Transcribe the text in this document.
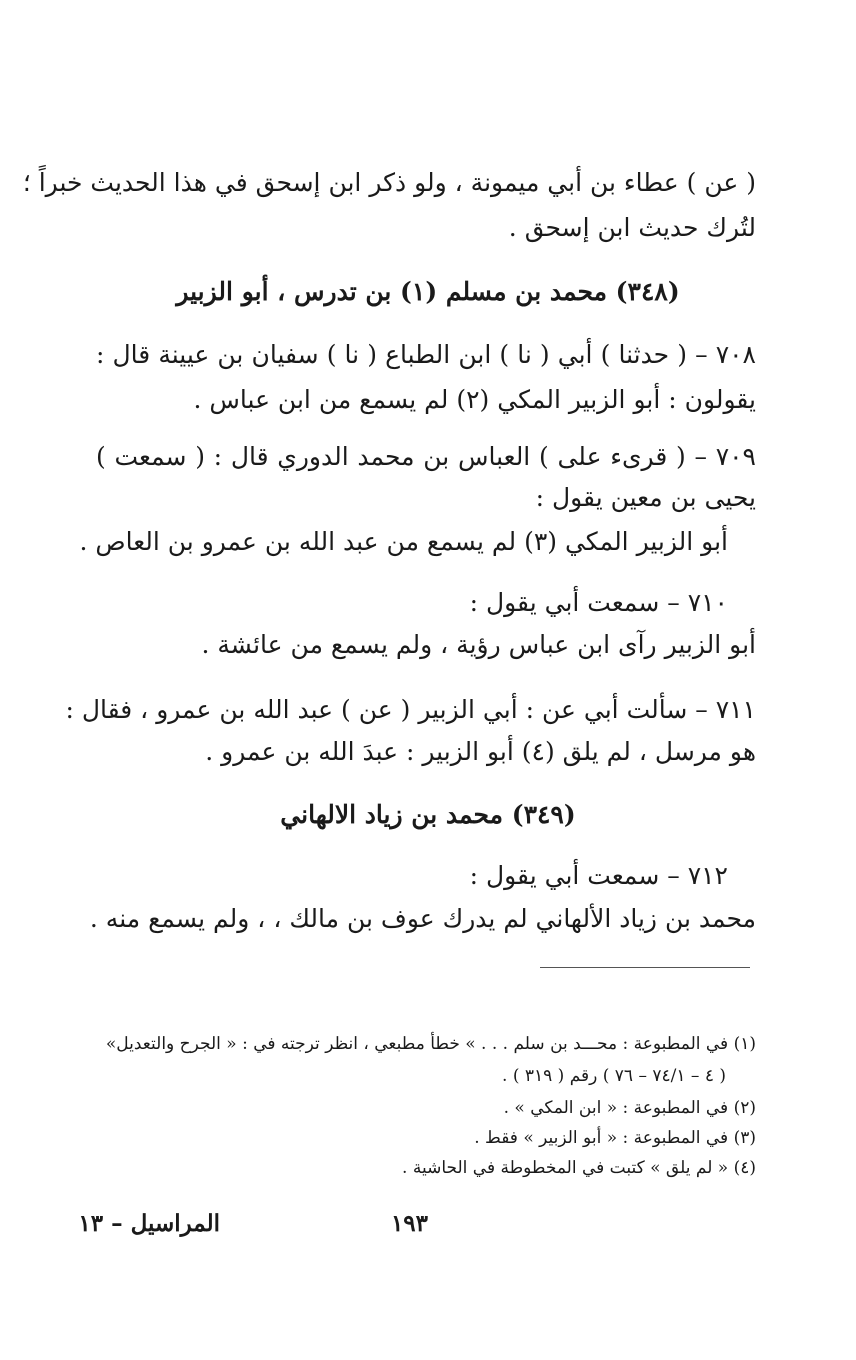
( عن ) عطاء بن أبي ميمونة ، ولو ذكر ابن إسحق في هذا الحديث خبراً ؛
لتُرك حديث ابن إسحق .
(٣٤٨) محمد بن مسلم (١) بن تدرس ، أبو الزبير
٧٠٨ – ( حدثنا ) أبي ( نا ) ابن الطباع ( نا ) سفيان بن عيينة قال :
يقولون : أبو الزبير المكي (٢) لم يسمع من ابن عباس .
٧٠٩ – ( قرىء على ) العباس بن محمد الدوري قال : ( سمعت )
يحيى بن معين يقول :
أبو الزبير المكي (٣) لم يسمع من عبد الله بن عمرو بن العاص .
٧١٠ – سمعت أبي يقول :
أبو الزبير رآى ابن عباس رؤية ، ولم يسمع من عائشة .
٧١١ – سألت أبي عن : أبي الزبير ( عن ) عبد الله بن عمرو ، فقال :
هو مرسل ، لم يلق (٤) أبو الزبير : عبدَ الله بن عمرو .
(٣٤٩) محمد بن زياد الالهاني
٧١٢ – سمعت أبي يقول :
محمد بن زياد الألهاني لم يدرك عوف بن مالك ، ، ولم يسمع منه .
(١) في المطبوعة : محـــد بن سلم . . . » خطأ مطبعي ، انظر ترجته في : « الجرح والتعديل»
( ٤ – ٧٤/١ – ٧٦ ) رقم ( ٣١٩ ) .
(٢) في المطبوعة : « ابن المكي » .
(٣) في المطبوعة : « أبو الزبير » فقط .
(٤) « لم يلق » كتبت في المخطوطة في الحاشية .
١٩٣
المراسيل – ١٣
